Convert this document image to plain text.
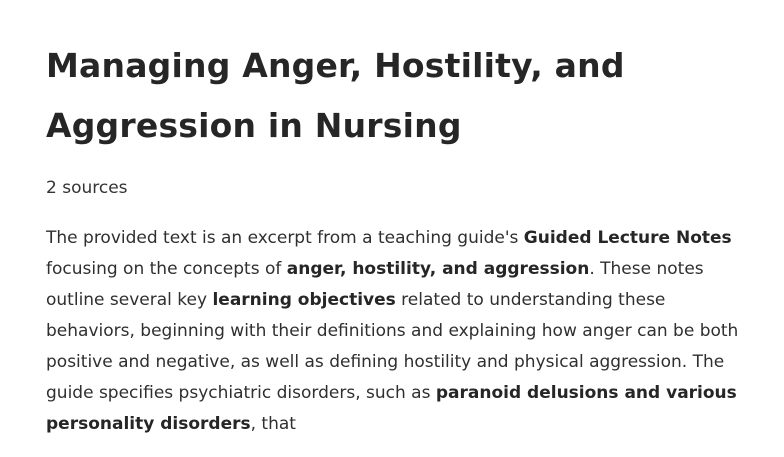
Managing Anger, Hostility, and Aggression in Nursing
2 sources

The provided text is an excerpt from a teaching guide's Guided Lecture Notes focusing on the concepts of anger, hostility, and aggression. These notes outline several key learning objectives related to understanding these behaviors, beginning with their definitions and explaining how anger can be both positive and negative, as well as defining hostility and physical aggression. The guide specifies psychiatric disorders, such as paranoid delusions and various personality disorders, that
